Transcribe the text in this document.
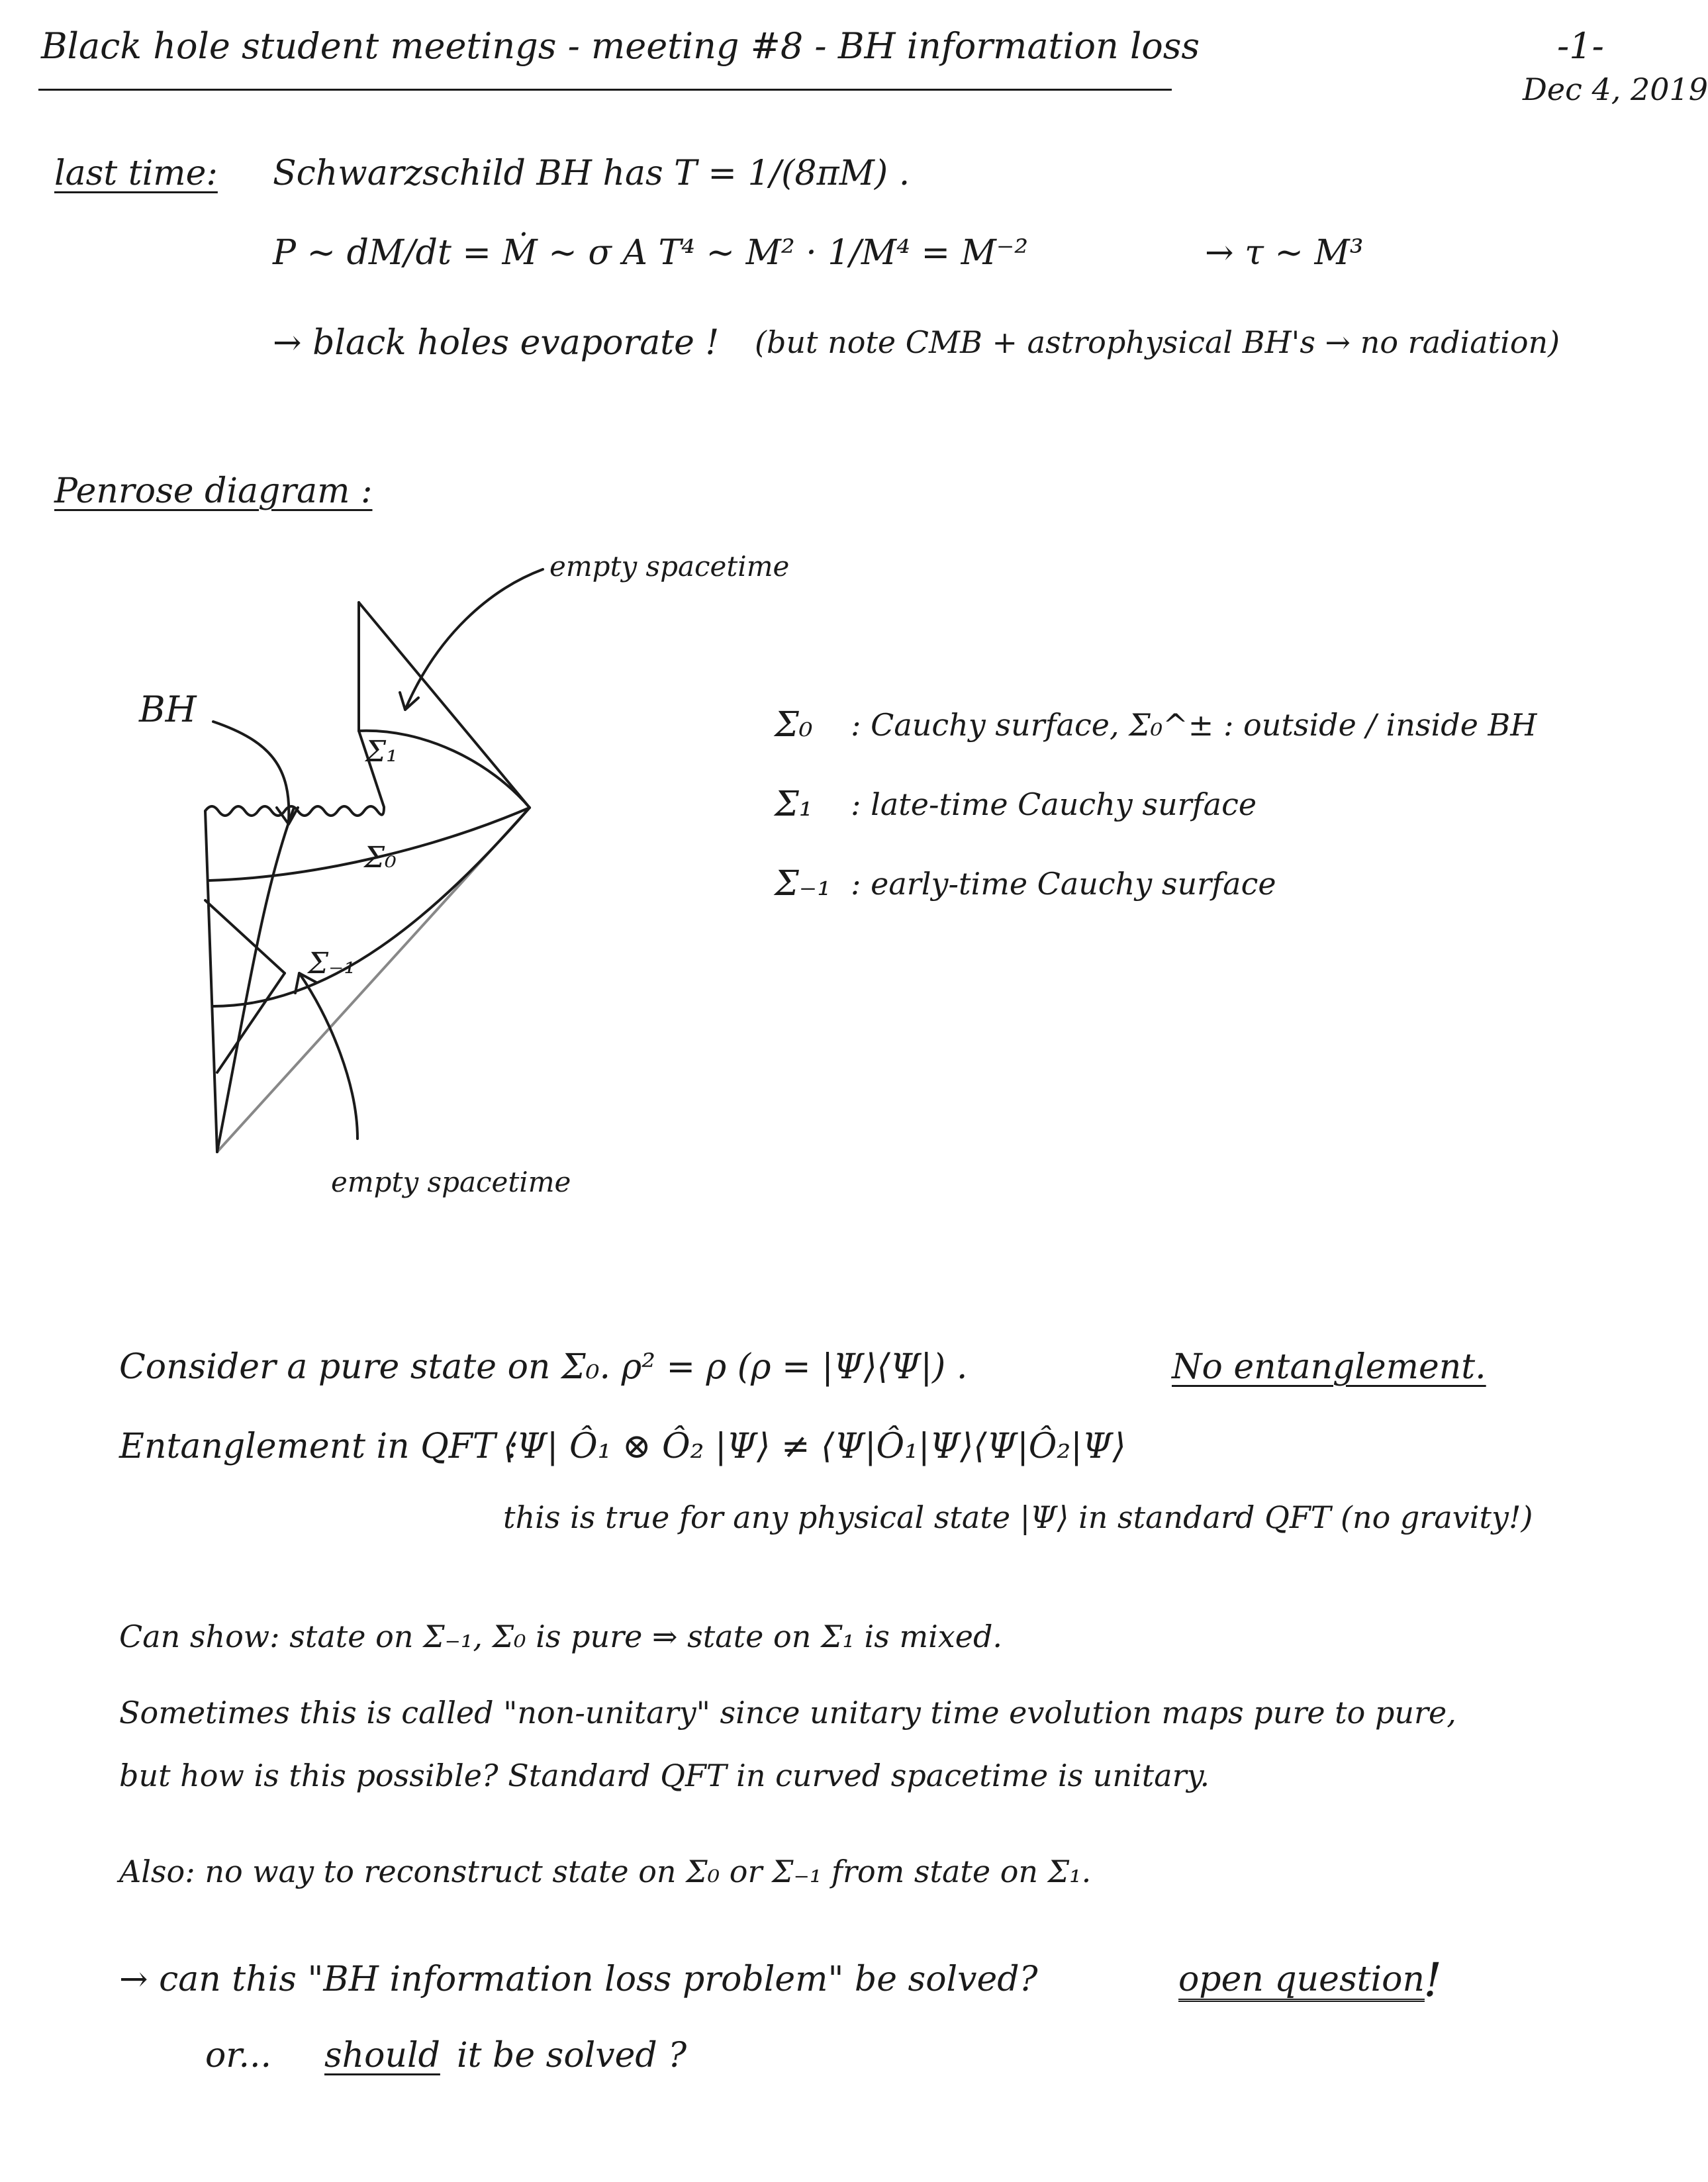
Black hole student meetings - meeting #8 - BH information loss	-1-
Dec 4, 2019
last time: Schwarzschild BH has T = 1/(8πM) .
P ~ dM/dt = Ṁ ~ σ A T⁴ ~ M² · 1/M⁴ = M⁻²	→ τ ~ M³
→ black holes evaporate ! (but note CMB + astrophysical BH's → no radiation)
Penrose diagram :
BH
Σ₁
Σ₀
Σ₋₁
empty spacetime
empty spacetime
Σ₀ : Cauchy surface, Σ₀^± : outside / inside BH
Σ₁ : late-time Cauchy surface
Σ₋₁ : early-time Cauchy surface
Consider a pure state on Σ₀. ρ² = ρ (ρ = |Ψ⟩⟨Ψ|) .	No entanglement.
Entanglement in QFT :
⟨Ψ| Ô₁ ⊗ Ô₂ |Ψ⟩ ≠ ⟨Ψ|Ô₁|Ψ⟩⟨Ψ|Ô₂|Ψ⟩
this is true for any physical state |Ψ⟩ in standard QFT (no gravity!)
Can show: state on Σ₋₁, Σ₀ is pure ⇒ state on Σ₁ is mixed.
Sometimes this is called "non-unitary" since unitary time evolution maps pure to pure,
but how is this possible? Standard QFT in curved spacetime is unitary.
Also: no way to reconstruct state on Σ₀ or Σ₋₁ from state on Σ₁.
→ can this "BH information loss problem" be solved?	open question
!
or... should it be solved ?
